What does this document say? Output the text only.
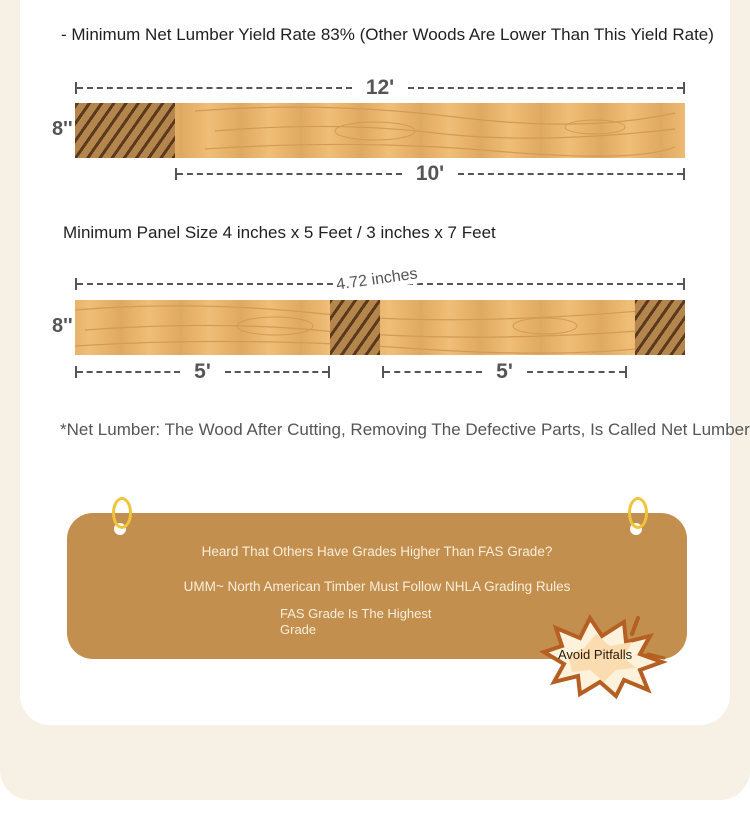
- Minimum Net Lumber Yield Rate 83% (Other Woods Are Lower Than This Yield Rate)
12'
8''
10'
Minimum Panel Size 4 inches x 5 Feet / 3 inches x 7 Feet
4.72 inches
8''
5'	5'
*Net Lumber: The Wood After Cutting, Removing The Defective Parts, Is Called Net Lumber
Heard That Others Have Grades Higher Than FAS Grade?
UMM~ North American Timber Must Follow NHLA Grading Rules
FAS Grade Is The Highest
Grade
Avoid Pitfalls
